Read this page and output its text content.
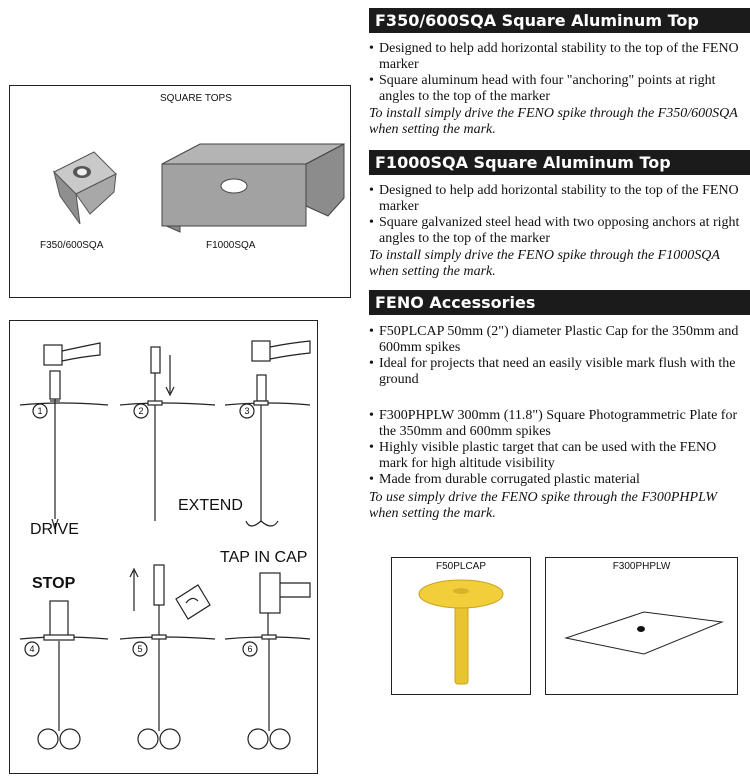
SQUARE TOPS
F350/600SQA	F1000SQA
1	2	3
4	5	6
DRIVE
EXTEND
STOP
TAP IN CAP
F350/600SQA Square Aluminum Top
• Designed to help add horizontal stability to the top of the FENO marker
• Square aluminum head with four "anchoring" points at right angles to the top of the marker
To install simply drive the FENO spike through the F350/600SQA when setting the mark.
F1000SQA Square Aluminum Top
• Designed to help add horizontal stability to the top of the FENO marker
• Square galvanized steel head with two opposing anchors at right angles to the top of the marker
To install simply drive the FENO spike through the F1000SQA when setting the mark.
FENO Accessories
• F50PLCAP 50mm (2") diameter Plastic Cap for the 350mm and 600mm spikes
• Ideal for projects that need an easily visible mark flush with the ground
• F300PHPLW 300mm (11.8") Square Photogrammetric Plate for the 350mm and 600mm spikes
• Highly visible plastic target that can be used with the FENO mark for high altitude visibility
• Made from durable corrugated plastic material
To use simply drive the FENO spike through the F300PHPLW when setting the mark.
F50PLCAP	F300PHPLW
